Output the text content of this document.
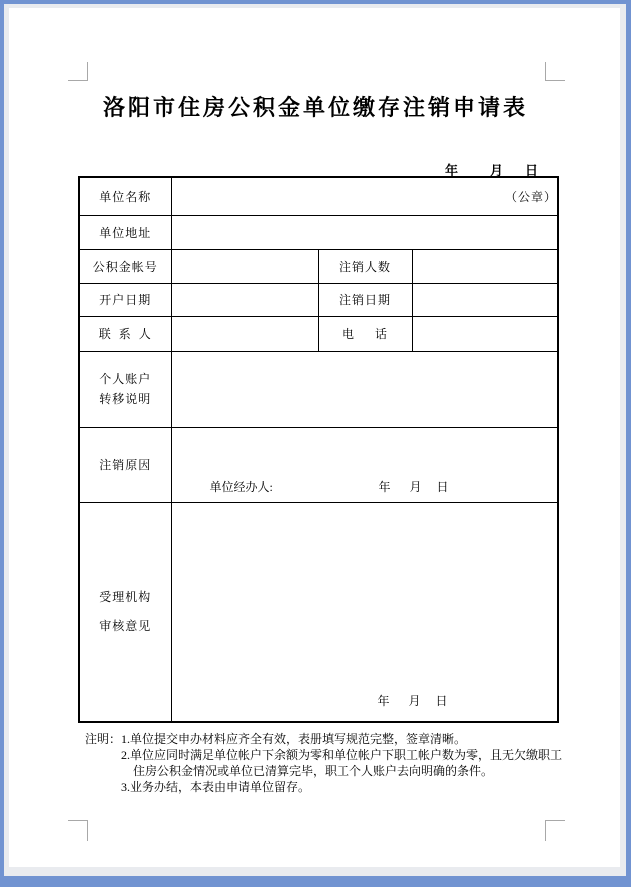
洛阳市住房公积金单位缴存注销申请表
年 月 日
单位名称	（公章）		
单位地址			
公积金帐号		注销人数	
开户日期		注销日期	
联 系 人		电  话	

个人账户
转移说明			

注销原因	单位经办人: 年 月 日		

受理机构
审核意见	年 月 日		
注明： 1.单位提交申办材料应齐全有效，表册填写规范完整，签章清晰。
2.单位应同时满足单位帐户下余额为零和单位帐户下职工帐户数为零，且无欠缴职工住房公积金情况或单位已清算完毕，职工个人账户去向明确的条件。
3.业务办结，本表由申请单位留存。
